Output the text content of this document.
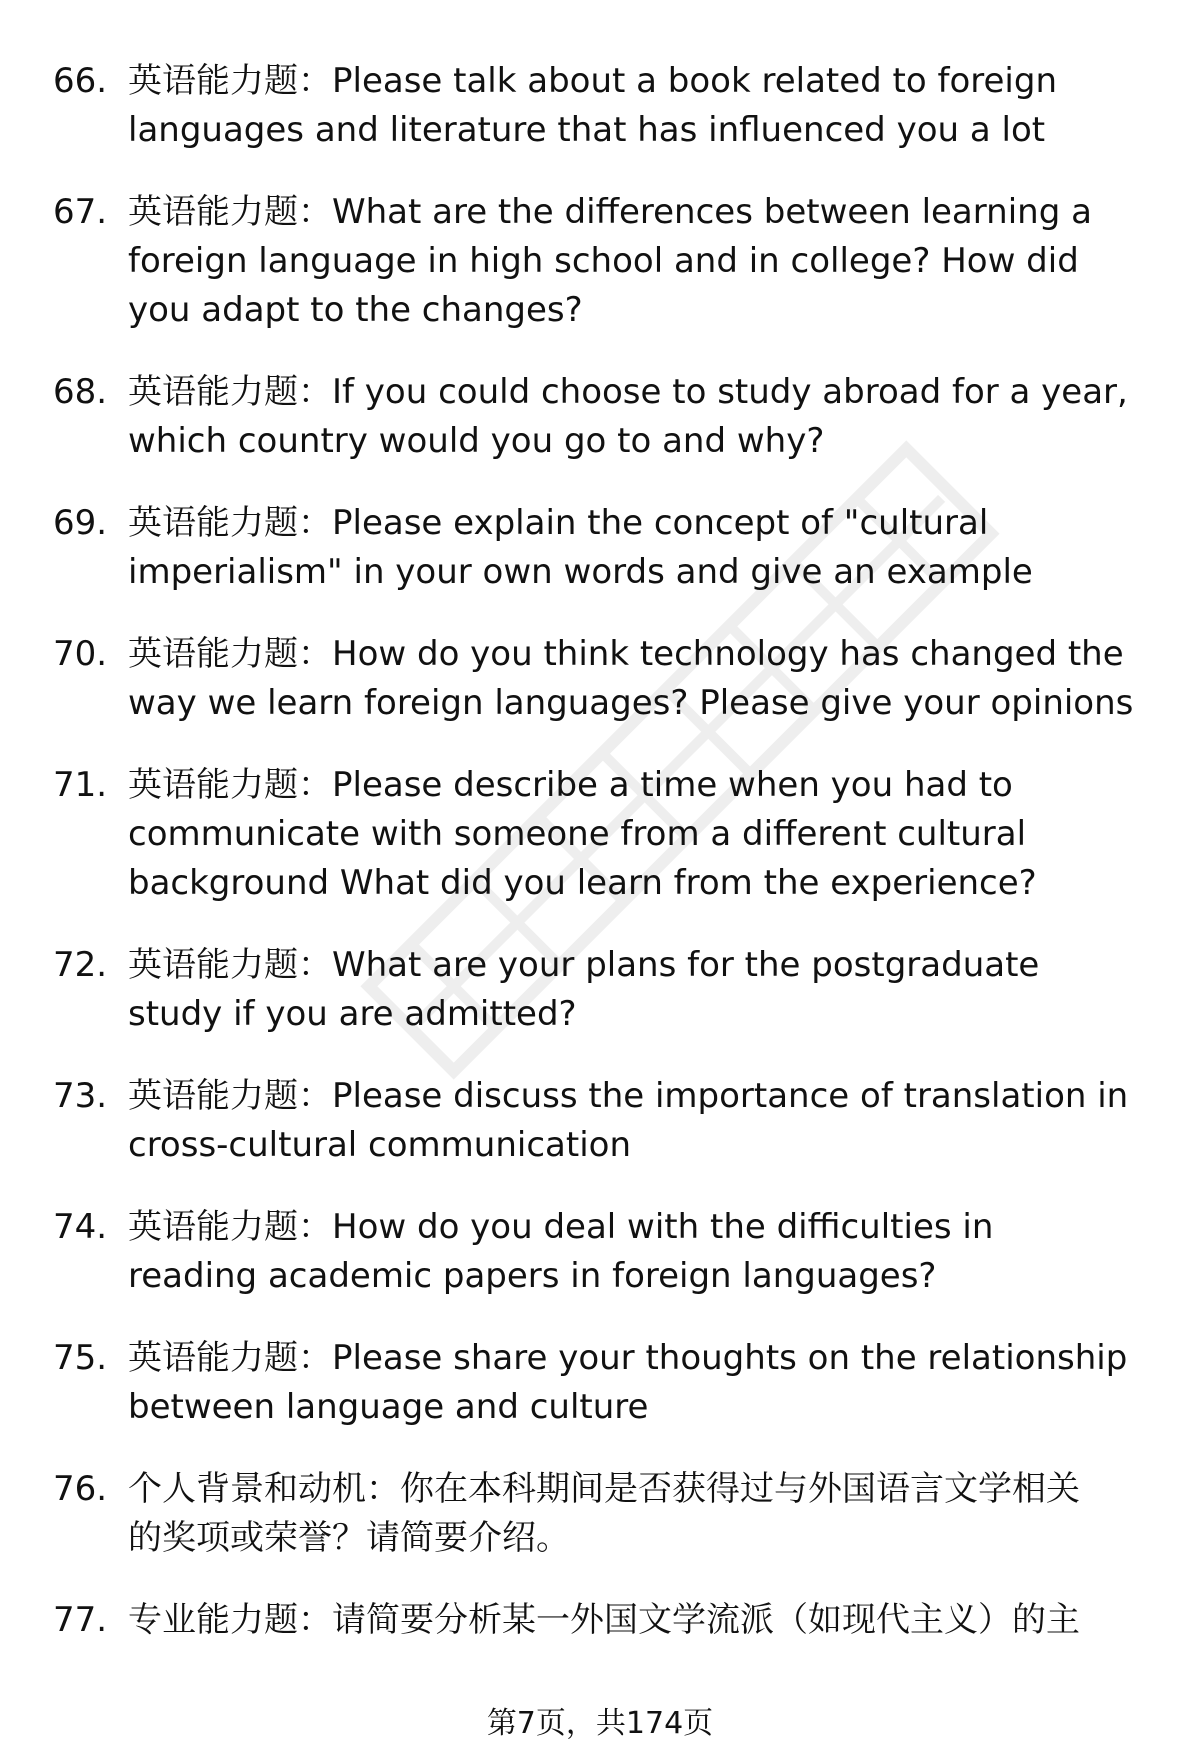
66. 英语能力题：Please talk about a book related to foreign
languages and literature that has influenced you a lot
67. 英语能力题：What are the differences between learning a
foreign language in high school and in college? How did
you adapt to the changes?
68. 英语能力题：If you could choose to study abroad for a year,
which country would you go to and why?
69. 英语能力题：Please explain the concept of "cultural
imperialism" in your own words and give an example
70. 英语能力题：How do you think technology has changed the
way we learn foreign languages? Please give your opinions
71. 英语能力题：Please describe a time when you had to
communicate with someone from a different cultural
background What did you learn from the experience?
72. 英语能力题：What are your plans for the postgraduate
study if you are admitted?
73. 英语能力题：Please discuss the importance of translation in
cross-cultural communication
74. 英语能力题：How do you deal with the difficulties in
reading academic papers in foreign languages?
75. 英语能力题：Please share your thoughts on the relationship
between language and culture
76. 个人背景和动机：你在本科期间是否获得过与外国语言文学相关
的奖项或荣誉？请简要介绍。
77. 专业能力题：请简要分析某一外国文学流派（如现代主义）的主
第7页，共174页
